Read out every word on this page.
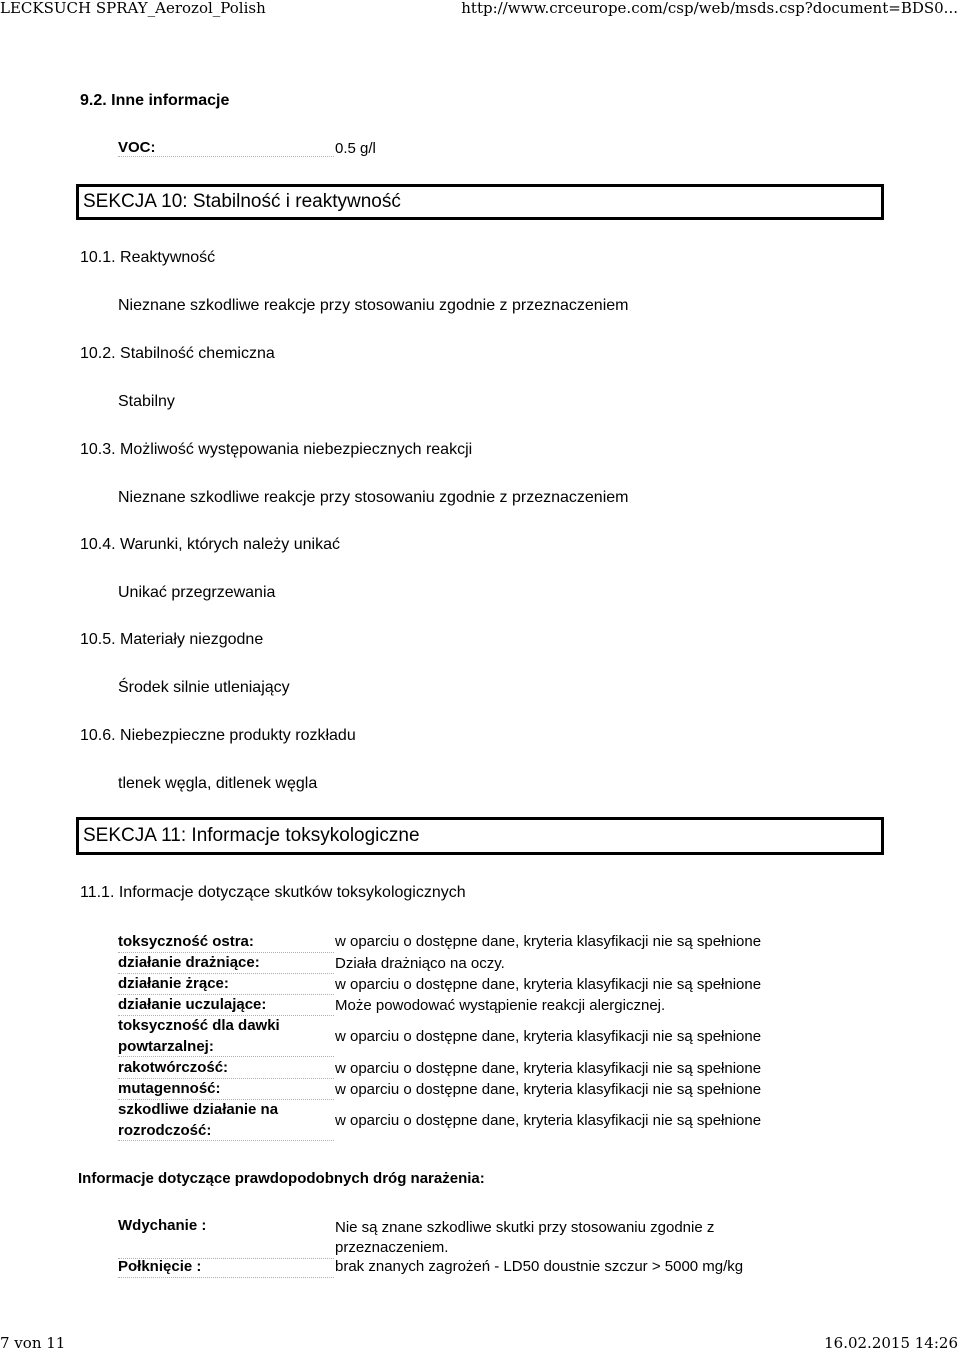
LECKSUCH SPRAY_Aerozol_Polish	http://www.crceurope.com/csp/web/msds.csp?document=BDS0...
9.2. Inne informacje
VOC:	0.5 g/l
SEKCJA 10: Stabilność i reaktywność
10.1. Reaktywność
Nieznane szkodliwe reakcje przy stosowaniu zgodnie z przeznaczeniem
10.2. Stabilność chemiczna
Stabilny
10.3. Możliwość występowania niebezpiecznych reakcji
Nieznane szkodliwe reakcje przy stosowaniu zgodnie z przeznaczeniem
10.4. Warunki, których należy unikać
Unikać przegrzewania
10.5. Materiały niezgodne
Środek silnie utleniający
10.6. Niebezpieczne produkty rozkładu
tlenek węgla, ditlenek węgla
SEKCJA 11: Informacje toksykologiczne
11.1. Informacje dotyczące skutków toksykologicznych
toksyczność ostra:	w oparciu o dostępne dane, kryteria klasyfikacji nie są spełnione
działanie drażniące:	Działa drażniąco na oczy.
działanie żrące:	w oparciu o dostępne dane, kryteria klasyfikacji nie są spełnione
działanie uczulające:	Może powodować wystąpienie reakcji alergicznej.
toksyczność dla dawki powtarzalnej:
w oparciu o dostępne dane, kryteria klasyfikacji nie są spełnione
rakotwórczość:	w oparciu o dostępne dane, kryteria klasyfikacji nie są spełnione
mutagenność:	w oparciu o dostępne dane, kryteria klasyfikacji nie są spełnione
szkodliwe działanie na rozrodczość:
w oparciu o dostępne dane, kryteria klasyfikacji nie są spełnione
Informacje dotyczące prawdopodobnych dróg narażenia:
Wdychanie :	Nie są znane szkodliwe skutki przy stosowaniu zgodnie z przeznaczeniem.
Połknięcie :	brak znanych zagrożeń - LD50 doustnie szczur > 5000 mg/kg
7 von 11	16.02.2015 14:26
